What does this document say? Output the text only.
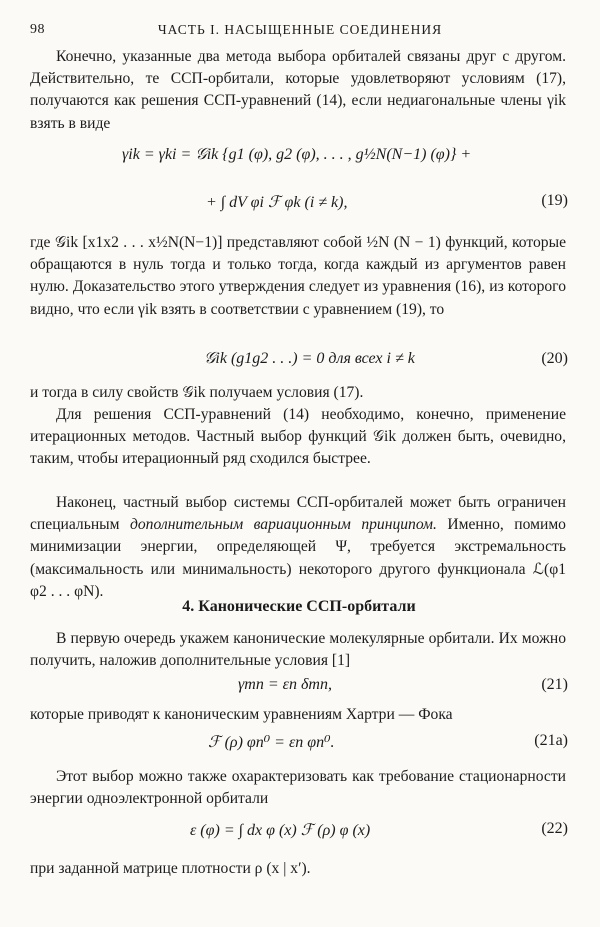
98	ЧАСТЬ I. НАСЫЩЕННЫЕ СОЕДИНЕНИЯ

Конечно, указанные два метода выбора орбиталей связаны друг с другом. Действительно, те ССП-орбитали, которые удовлетворяют условиям (17), получаются как решения ССП-уравнений (14), если недиагональные члены γik взять в виде

γik = γki = 𝒢ik {g1 (φ), g2 (φ), . . . , g½N(N−1) (φ)} +
+ ∫ dV φi ℱ φk (i ≠ k),	(19)

где 𝒢ik [x1x2 . . . x½N(N−1)] представляют собой ½N (N − 1) функций, которые обращаются в нуль тогда и только тогда, когда каждый из аргументов равен нулю. Доказательство этого утверждения следует из уравнения (16), из которого видно, что если γik взять в соответствии с уравнением (19), то

𝒢ik (g1g2 . . .) = 0 для всех i ≠ k	(20)

и тогда в силу свойств 𝒢ik получаем условия (17).

Для решения ССП-уравнений (14) необходимо, конечно, применение итерационных методов. Частный выбор функций 𝒢ik должен быть, очевидно, таким, чтобы итерационный ряд сходился быстрее.

Наконец, частный выбор системы ССП-орбиталей может быть ограничен специальным дополнительным вариационным принципом. Именно, помимо минимизации энергии, определяющей Ψ, требуется экстремальность (максимальность или минимальность) некоторого другого функционала ℒ(φ1 φ2 . . . φN).

4. Канонические ССП-орбитали

В первую очередь укажем канонические молекулярные орбитали. Их можно получить, наложив дополнительные условия [1]

γmn = εn δmn,	(21)

которые приводят к каноническим уравнениям Хартри — Фока

ℱ (ρ) φn⁰ = εn φn⁰.	(21a)

Этот выбор можно также охарактеризовать как требование стационарности энергии одноэлектронной орбитали

ε (φ) = ∫ dx φ (x) ℱ (ρ) φ (x)	(22)

при заданной матрице плотности ρ (x | x′).
